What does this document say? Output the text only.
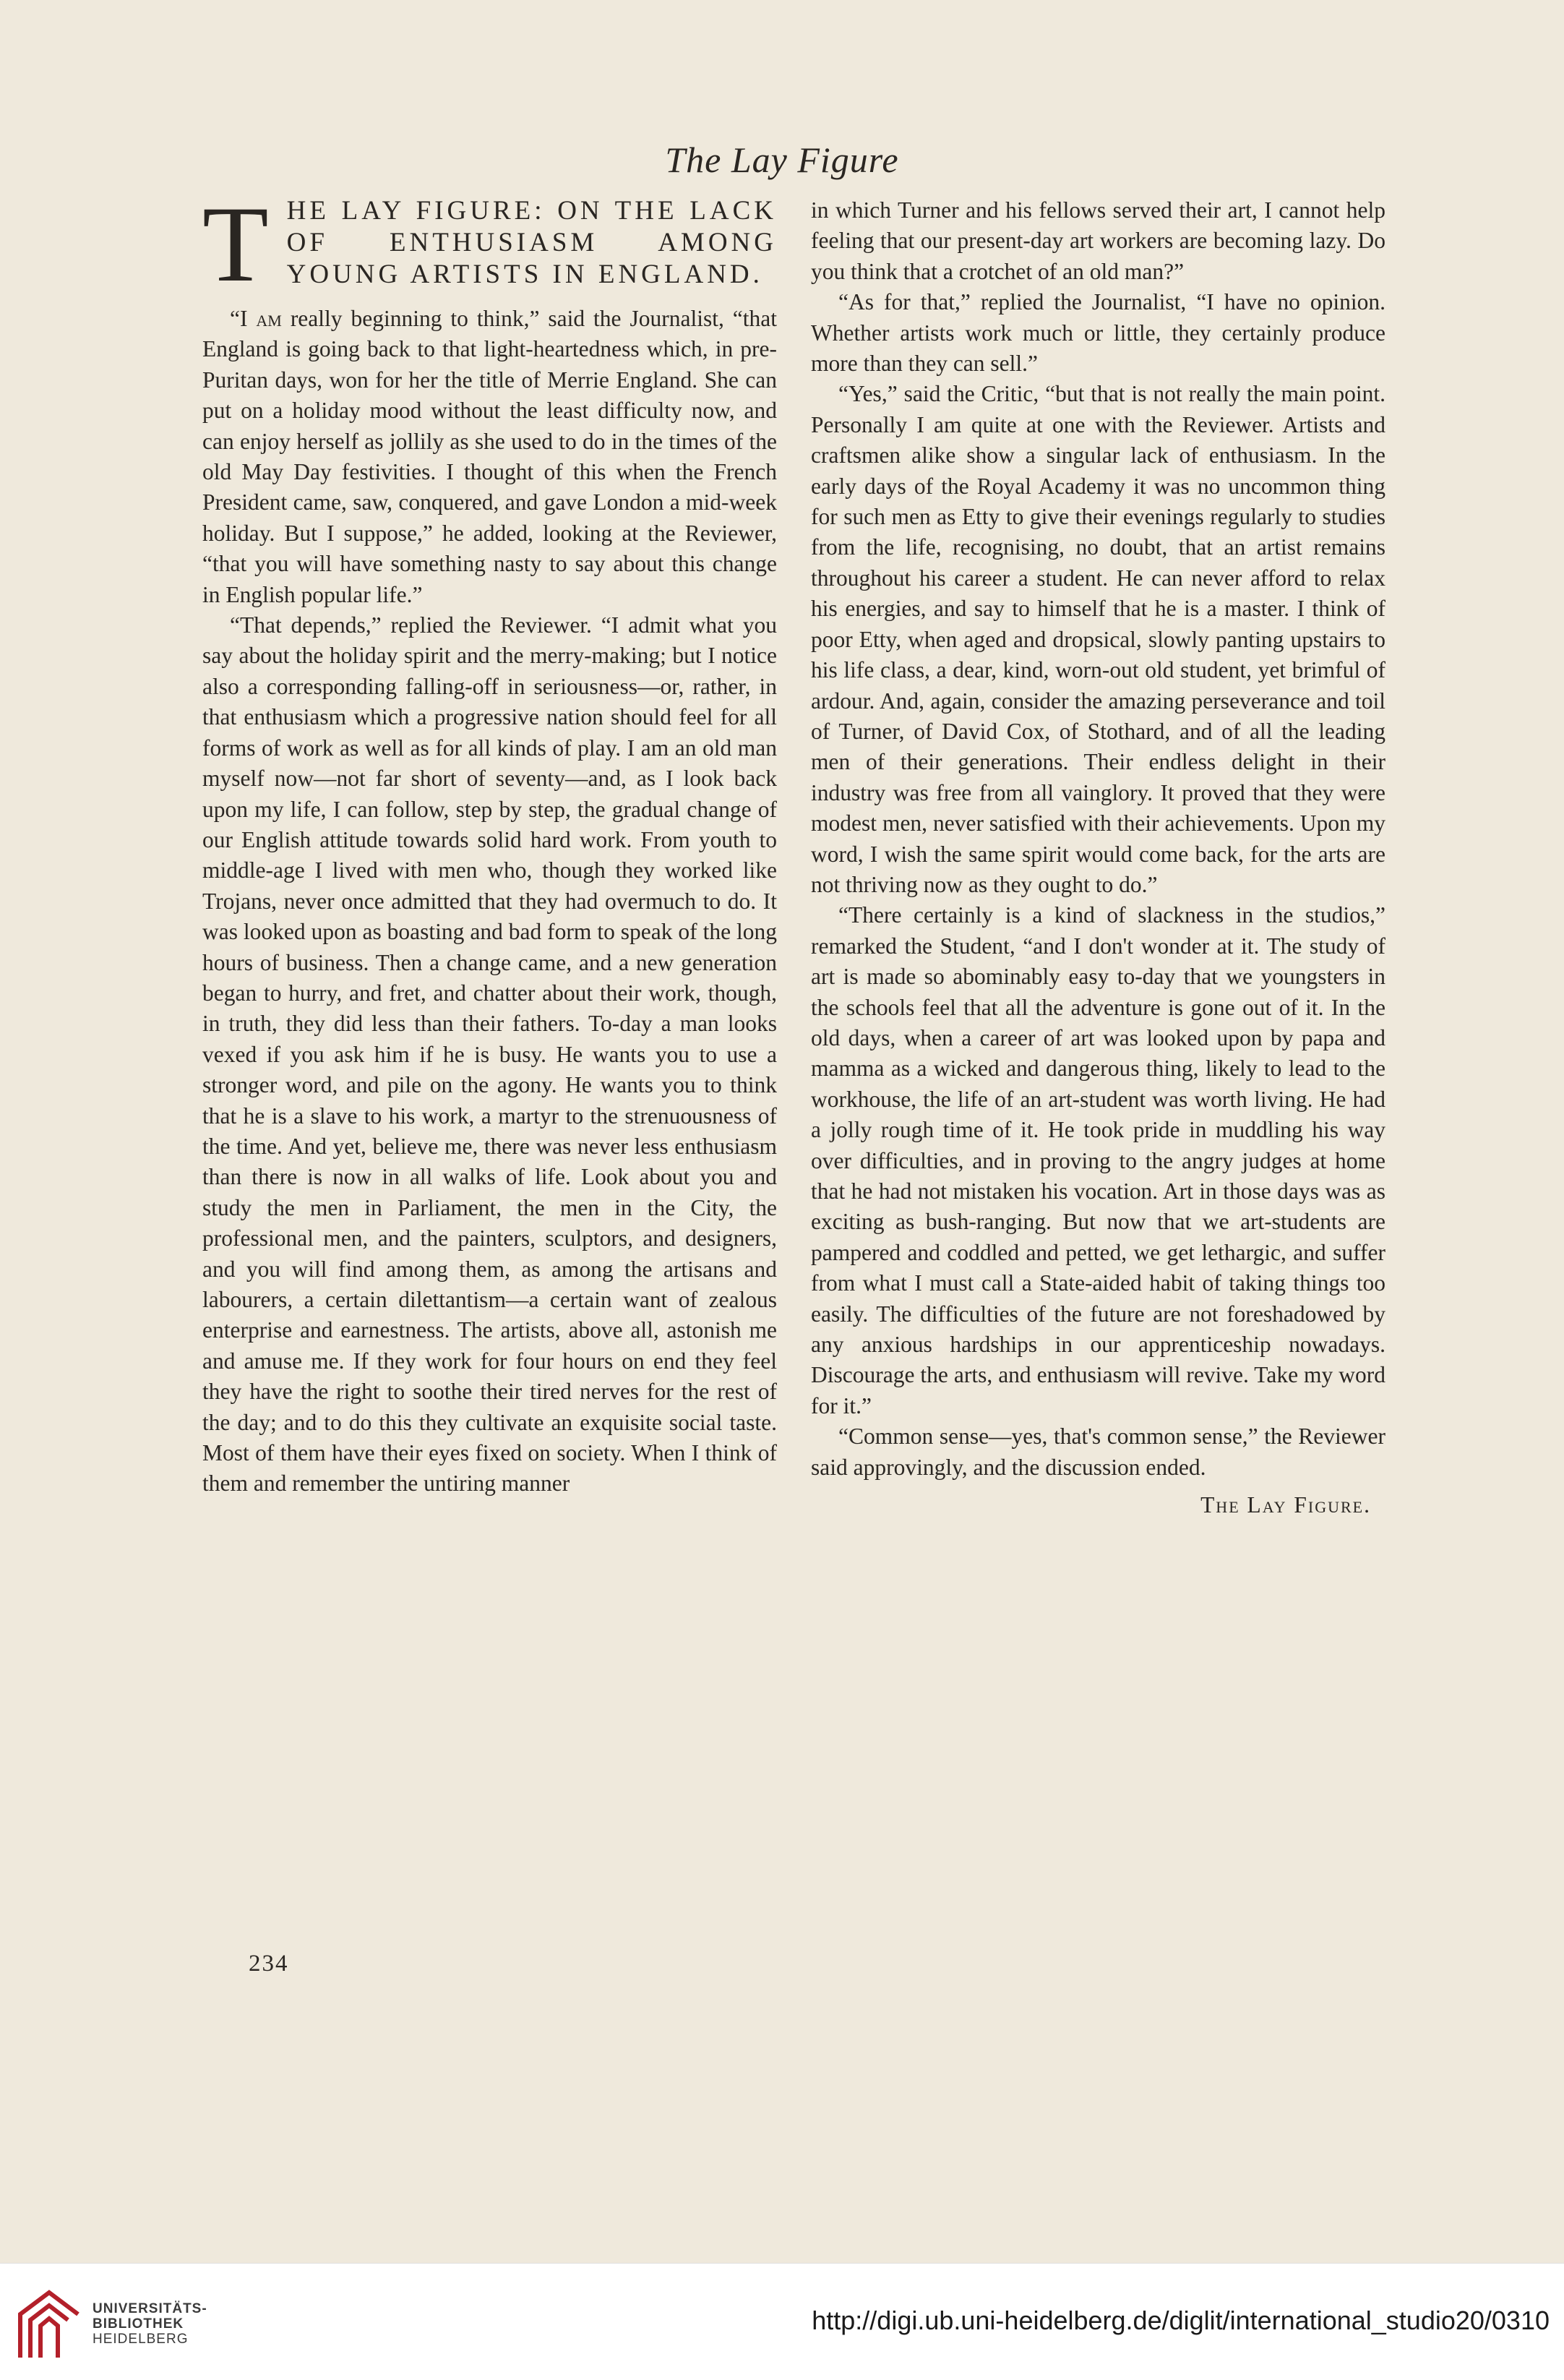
The Lay Figure
THE LAY FIGURE: ON THE LACK OF ENTHUSIASM AMONG YOUNG ARTISTS IN ENGLAND.

“I am really beginning to think,” said the Journalist, “that England is going back to that light-heartedness which, in pre-Puritan days, won for her the title of Merrie England. She can put on a holiday mood without the least difficulty now, and can enjoy herself as jollily as she used to do in the times of the old May Day festivities. I thought of this when the French President came, saw, conquered, and gave London a mid-week holiday. But I suppose,” he added, looking at the Reviewer, “that you will have something nasty to say about this change in English popular life.”

“That depends,” replied the Reviewer. “I admit what you say about the holiday spirit and the merry-making; but I notice also a corresponding falling-off in seriousness—or, rather, in that enthusiasm which a progressive nation should feel for all forms of work as well as for all kinds of play. I am an old man myself now—not far short of seventy—and, as I look back upon my life, I can follow, step by step, the gradual change of our English attitude towards solid hard work. From youth to middle-age I lived with men who, though they worked like Trojans, never once admitted that they had overmuch to do. It was looked upon as boasting and bad form to speak of the long hours of business. Then a change came, and a new generation began to hurry, and fret, and chatter about their work, though, in truth, they did less than their fathers. To-day a man looks vexed if you ask him if he is busy. He wants you to use a stronger word, and pile on the agony. He wants you to think that he is a slave to his work, a martyr to the strenuousness of the time. And yet, believe me, there was never less enthusiasm than there is now in all walks of life. Look about you and study the men in Parliament, the men in the City, the professional men, and the painters, sculptors, and designers, and you will find among them, as among the artisans and labourers, a certain dilettantism—a certain want of zealous enterprise and earnestness. The artists, above all, astonish me and amuse me. If they work for four hours on end they feel they have the right to soothe their tired nerves for the rest of the day; and to do this they cultivate an exquisite social taste. Most of them have their eyes fixed on society. When I think of them and remember the untiring manner

in which Turner and his fellows served their art, I cannot help feeling that our present-day art workers are becoming lazy. Do you think that a crotchet of an old man?”

“As for that,” replied the Journalist, “I have no opinion. Whether artists work much or little, they certainly produce more than they can sell.”

“Yes,” said the Critic, “but that is not really the main point. Personally I am quite at one with the Reviewer. Artists and craftsmen alike show a singular lack of enthusiasm. In the early days of the Royal Academy it was no uncommon thing for such men as Etty to give their evenings regularly to studies from the life, recognising, no doubt, that an artist remains throughout his career a student. He can never afford to relax his energies, and say to himself that he is a master. I think of poor Etty, when aged and dropsical, slowly panting upstairs to his life class, a dear, kind, worn-out old student, yet brimful of ardour. And, again, consider the amazing perseverance and toil of Turner, of David Cox, of Stothard, and of all the leading men of their generations. Their endless delight in their industry was free from all vainglory. It proved that they were modest men, never satisfied with their achievements. Upon my word, I wish the same spirit would come back, for the arts are not thriving now as they ought to do.”

“There certainly is a kind of slackness in the studios,” remarked the Student, “and I don't wonder at it. The study of art is made so abominably easy to-day that we youngsters in the schools feel that all the adventure is gone out of it. In the old days, when a career of art was looked upon by papa and mamma as a wicked and dangerous thing, likely to lead to the workhouse, the life of an art-student was worth living. He had a jolly rough time of it. He took pride in muddling his way over difficulties, and in proving to the angry judges at home that he had not mistaken his vocation. Art in those days was as exciting as bush-ranging. But now that we art-students are pampered and coddled and petted, we get lethargic, and suffer from what I must call a State-aided habit of taking things too easily. The difficulties of the future are not foreshadowed by any anxious hardships in our apprenticeship nowadays. Discourage the arts, and enthusiasm will revive. Take my word for it.”

“Common sense—yes, that's common sense,” the Reviewer said approvingly, and the discussion ended.

The Lay Figure.
234
UNIVERSITÄTS-
BIBLIOTHEK
HEIDELBERG
http://digi.ub.uni-heidelberg.de/diglit/international_studio20/0310
